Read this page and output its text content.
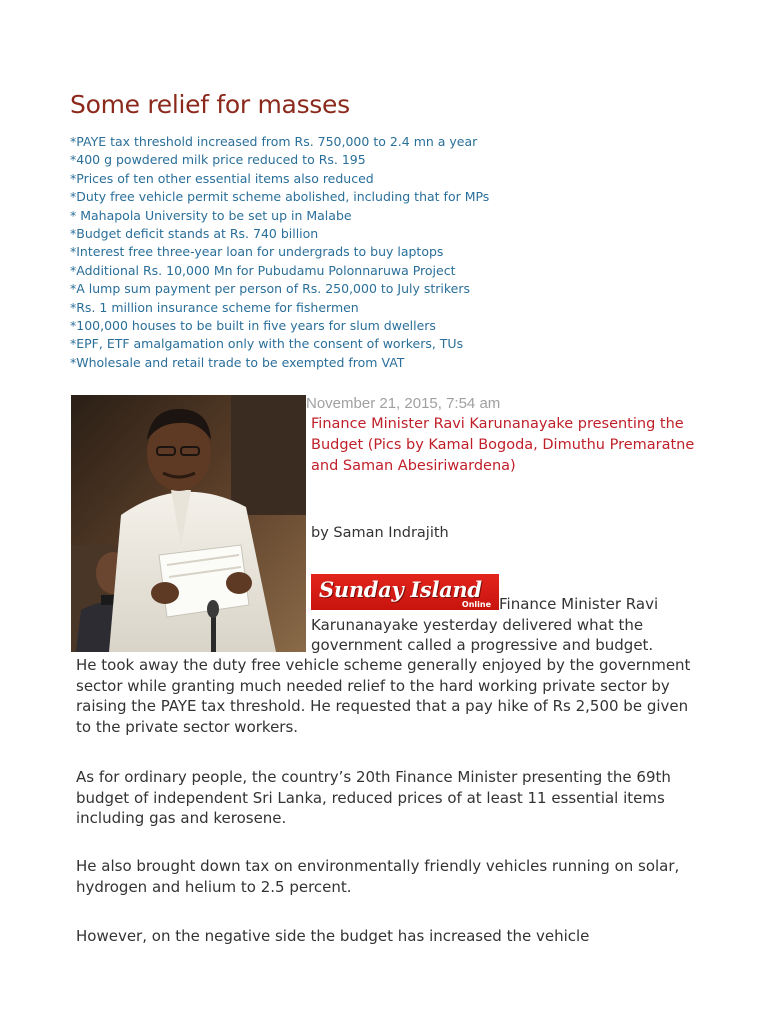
Some relief for masses
*PAYE tax threshold increased from Rs. 750,000 to 2.4 mn a year
*400 g powdered milk price reduced to Rs. 195
*Prices of ten other essential items also reduced
*Duty free vehicle permit scheme abolished, including that for MPs
* Mahapola University to be set up in Malabe
*Budget deficit stands at Rs. 740 billion
*Interest free three-year loan for undergrads to buy laptops
*Additional Rs. 10,000 Mn for Pubudamu Polonnaruwa Project
*A lump sum payment per person of Rs. 250,000 to July strikers
*Rs. 1 million insurance scheme for fishermen
*100,000 houses to be built in five years for slum dwellers
*EPF, ETF amalgamation only with the consent of workers, TUs
*Wholesale and retail trade to be exempted from VAT

November 21, 2015, 7:54 am

Finance Minister Ravi Karunanayake presenting the Budget (Pics by Kamal Bogoda, Dimuthu Premaratne and Saman Abesiriwardena)

by Saman Indrajith

Sunday Island
Online Finance Minister Ravi Karunanayake yesterday delivered what the government called a progressive and budget.

He took away the duty free vehicle scheme generally enjoyed by the government sector while granting much needed relief to the hard working private sector by raising the PAYE tax threshold. He requested that a pay hike of Rs 2,500 be given to the private sector workers.

As for ordinary people, the country’s 20th Finance Minister presenting the 69th budget of independent Sri Lanka, reduced prices of at least 11 essential items including gas and kerosene.

He also brought down tax on environmentally friendly vehicles running on solar, hydrogen and helium to 2.5 percent.

However, on the negative side the budget has increased the vehicle
